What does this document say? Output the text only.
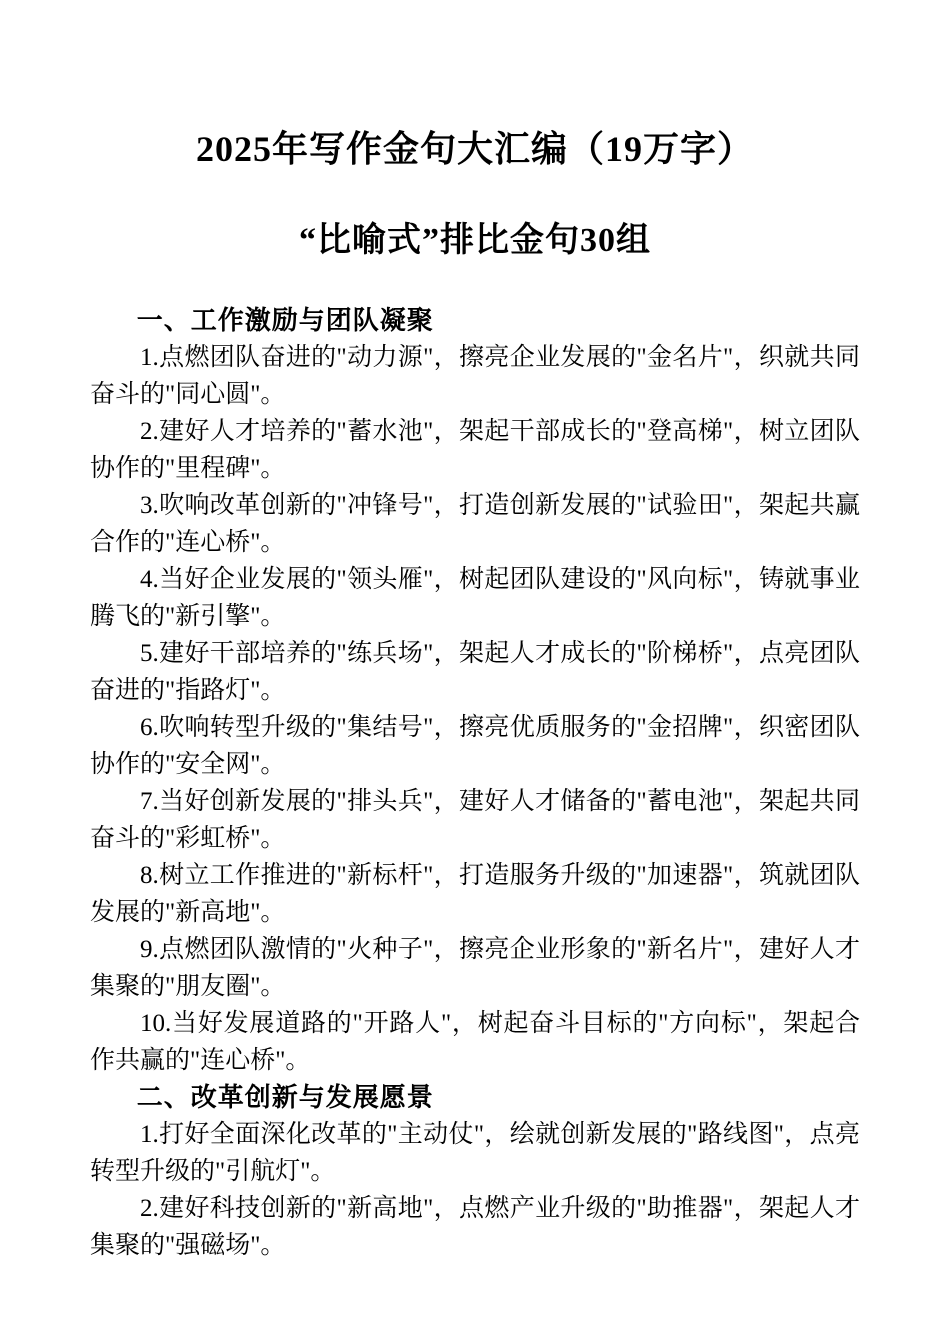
2025年写作金句大汇编（19万字）
“比喻式”排比金句30组
一、工作激励与团队凝聚

1.点燃团队奋进的"动力源"，擦亮企业发展的"金名片"，织就共同奋斗的"同心圆"。

2.建好人才培养的"蓄水池"，架起干部成长的"登高梯"，树立团队协作的"里程碑"。

3.吹响改革创新的"冲锋号"，打造创新发展的"试验田"，架起共赢合作的"连心桥"。

4.当好企业发展的"领头雁"，树起团队建设的"风向标"，铸就事业腾飞的"新引擎"。

5.建好干部培养的"练兵场"，架起人才成长的"阶梯桥"，点亮团队奋进的"指路灯"。

6.吹响转型升级的"集结号"，擦亮优质服务的"金招牌"，织密团队协作的"安全网"。

7.当好创新发展的"排头兵"，建好人才储备的"蓄电池"，架起共同奋斗的"彩虹桥"。

8.树立工作推进的"新标杆"，打造服务升级的"加速器"，筑就团队发展的"新高地"。

9.点燃团队激情的"火种子"，擦亮企业形象的"新名片"，建好人才集聚的"朋友圈"。

10.当好发展道路的"开路人"，树起奋斗目标的"方向标"，架起合作共赢的"连心桥"。

二、改革创新与发展愿景

1.打好全面深化改革的"主动仗"，绘就创新发展的"路线图"，点亮转型升级的"引航灯"。

2.建好科技创新的"新高地"，点燃产业升级的"助推器"，架起人才集聚的"强磁场"。
